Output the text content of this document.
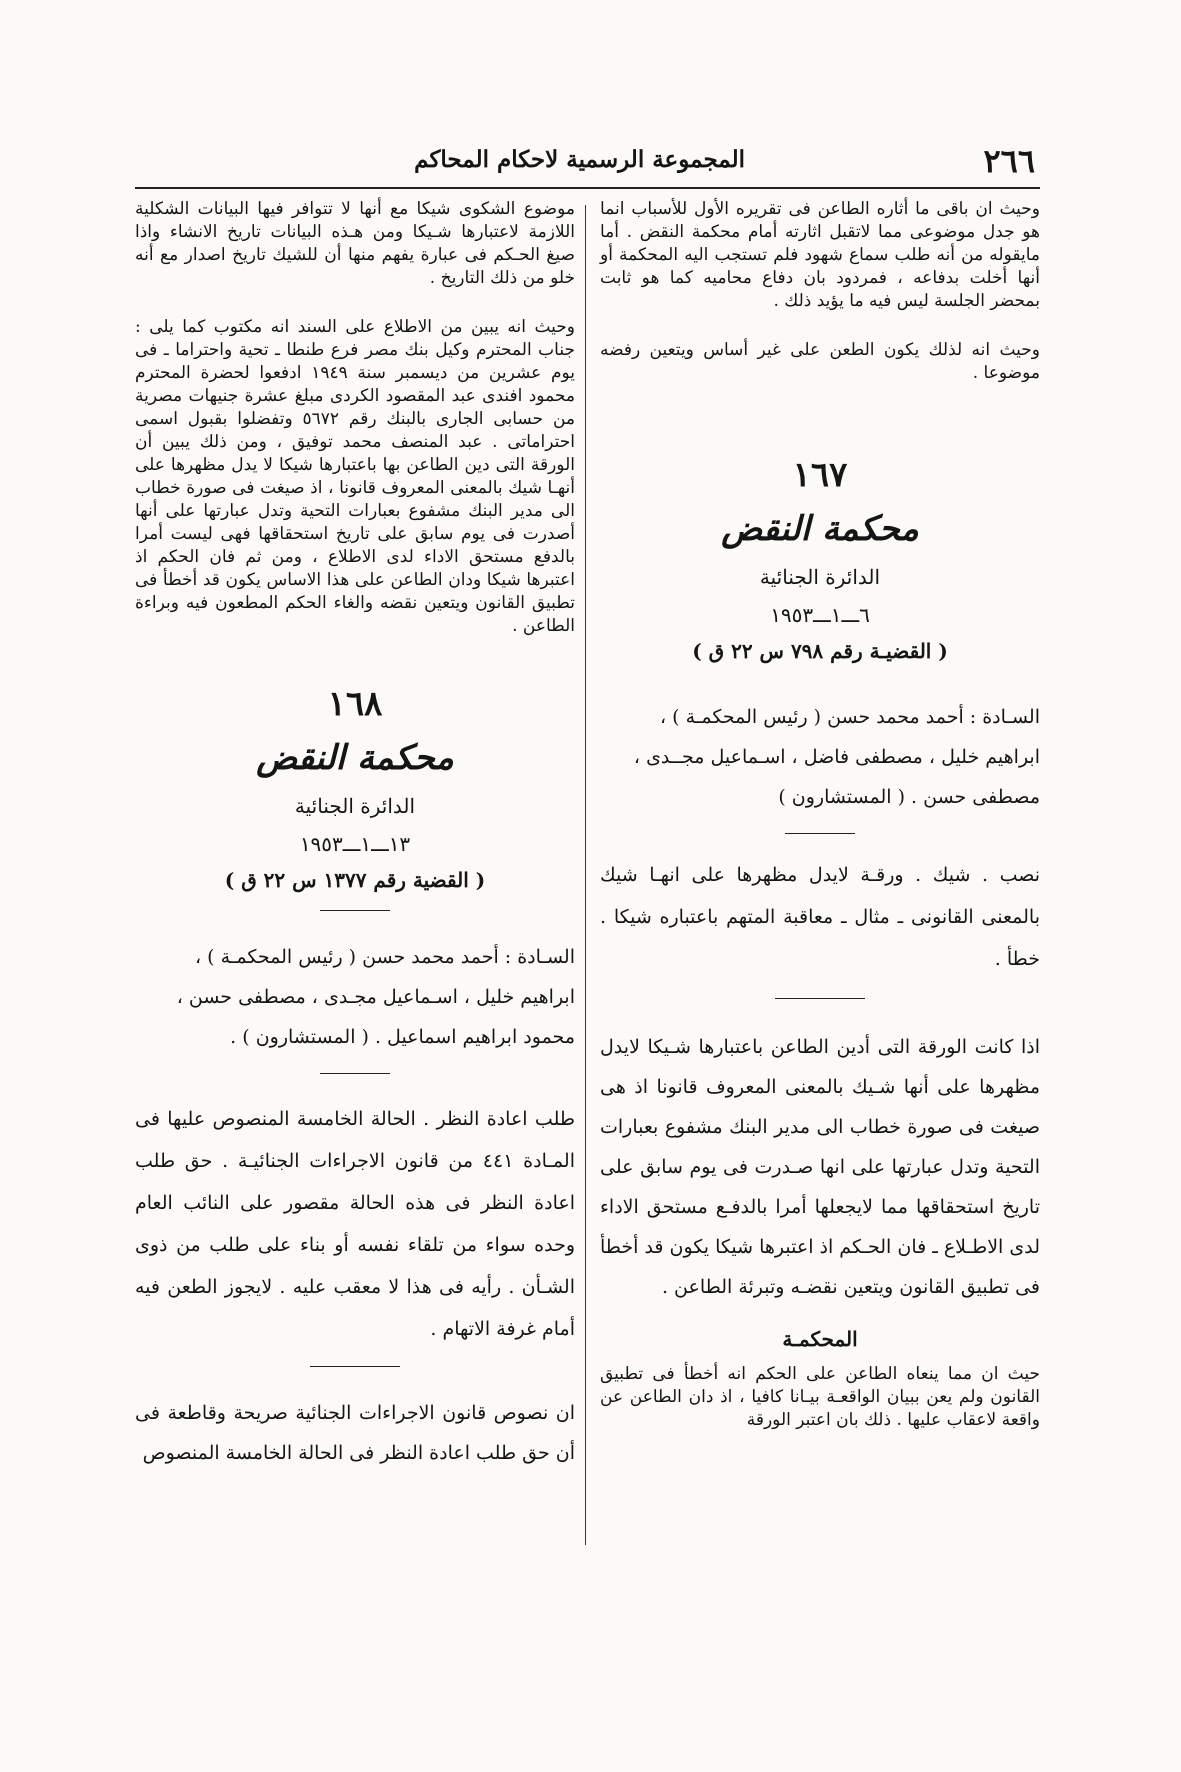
٢٦٦
المجموعة الرسمية لاحكام المحاكم

وحيث ان باقى ما أثاره الطاعن فى تقريره الأول للأسباب انما هو جدل موضوعى مما لاتقبل اثارته أمام محكمة النقض . أما مايقوله من أنه طلب سماع شهود فلم تستجب اليه المحكمة أو أنها أخلت بدفاعه ، فمردود بان دفاع محاميه كما هو ثابت بمحضر الجلسة ليس فيه ما يؤيد ذلك .

وحيث انه لذلك يكون الطعن على غير أساس ويتعين رفضه موضوعا .

١٦٧

محكمة النقض

الدائرة الجنائية

٦ـــ١ـــ١٩٥٣

( القضيـة رقم ٧٩٨ س ٢٢ ق )

السـادة : أحمد محمد حسن ( رئيس المحكمـة ) ،

ابراهيم خليل ، مصطفى فاضل ، اسـماعيل مجــدى ،

مصطفى حسن . ( المستشارون )

نصب . شيك . ورقـة لايدل مظهرها على انهـا شيك بالمعنى القانونى ـ مثال ـ معاقبة المتهم باعتباره شيكا . خطأ .

اذا كانت الورقة التى أدين الطاعن باعتبارها شـيكا لايدل مظهرها على أنها شـيك بالمعنى المعروف قانونا اذ هى صيغت فى صورة خطاب الى مدير البنك مشفوع بعبارات التحية وتدل عبارتها على انها صـدرت فى يوم سابق على تاريخ استحقاقها مما لايجعلها أمرا بالدفـع مستحق الاداء لدى الاطـلاع ـ فان الحـكم اذ اعتبرها شيكا يكون قد أخطأ فى تطبيق القانون ويتعين نقضـه وتبرئة الطاعن .

المحكمـة

حيث ان مما ينعاه الطاعن على الحكم انه أخطأ فى تطبيق القانون ولم يعن ببيان الواقعـة بيـانا كافيا ، اذ دان الطاعن عن واقعة لاعقاب عليها . ذلك بان اعتبر الورقة

موضوع الشكوى شيكا مع أنها لا تتوافر فيها البيانات الشكلية اللازمة لاعتبارها شـيكا ومن هـذه البيانات تاريخ الانشاء واذا صيغ الحـكم فى عبارة يفهم منها أن للشيك تاريخ اصدار مع أنه خلو من ذلك التاريخ .

وحيث انه يبين من الاطلاع على السند انه مكتوب كما يلى : جناب المحترم وكيل بنك مصر فرع طنطا ـ تحية واحتراما ـ فى يوم عشرين من ديسمبر سنة ١٩٤٩ ادفعوا لحضرة المحترم محمود افندى عبد المقصود الكردى مبلغ عشرة جنيهات مصرية من حسابى الجارى بالبنك رقم ٥٦٧٢ وتفضلوا بقبول اسمى احتراماتى . عبد المنصف محمد توفيق ، ومن ذلك يبين أن الورقة التى دين الطاعن بها باعتبارها شيكا لا يدل مظهرها على أنهـا شيك بالمعنى المعروف قانونا ، اذ صيغت فى صورة خطاب الى مدير البنك مشفوع بعبارات التحية وتدل عبارتها على أنها أصدرت فى يوم سابق على تاريخ استحقاقها فهى ليست أمرا بالدفع مستحق الاداء لدى الاطلاع ، ومن ثم فان الحكم اذ اعتبرها شيكا ودان الطاعن على هذا الاساس يكون قد أخطأ فى تطبيق القانون ويتعين نقضه والغاء الحكم المطعون فيه وبراءة الطاعن .

١٦٨

محكمة النقض

الدائرة الجنائية

١٣ـــ١ـــ١٩٥٣

( القضية رقم ١٣٧٧ س ٢٢ ق )

السـادة : أحمد محمد حسن ( رئيس المحكمـة ) ،

ابراهيم خليل ، اسـماعيل مجـدى ، مصطفى حسن ،

محمود ابراهيم اسماعيل . ( المستشارون ) .

طلب اعادة النظر . الحالة الخامسة المنصوص عليها فى المـادة ٤٤١ من قانون الاجراءات الجنائيـة . حق طلب اعادة النظر فى هذه الحالة مقصور على النائب العام وحده سواء من تلقاء نفسه أو بناء على طلب من ذوى الشـأن . رأيه فى هذا لا معقب عليه . لايجوز الطعن فيه أمام غرفة الاتهام .

ان نصوص قانون الاجراءات الجنائية صريحة وقاطعة فى أن حق طلب اعادة النظر فى الحالة الخامسة المنصوص
